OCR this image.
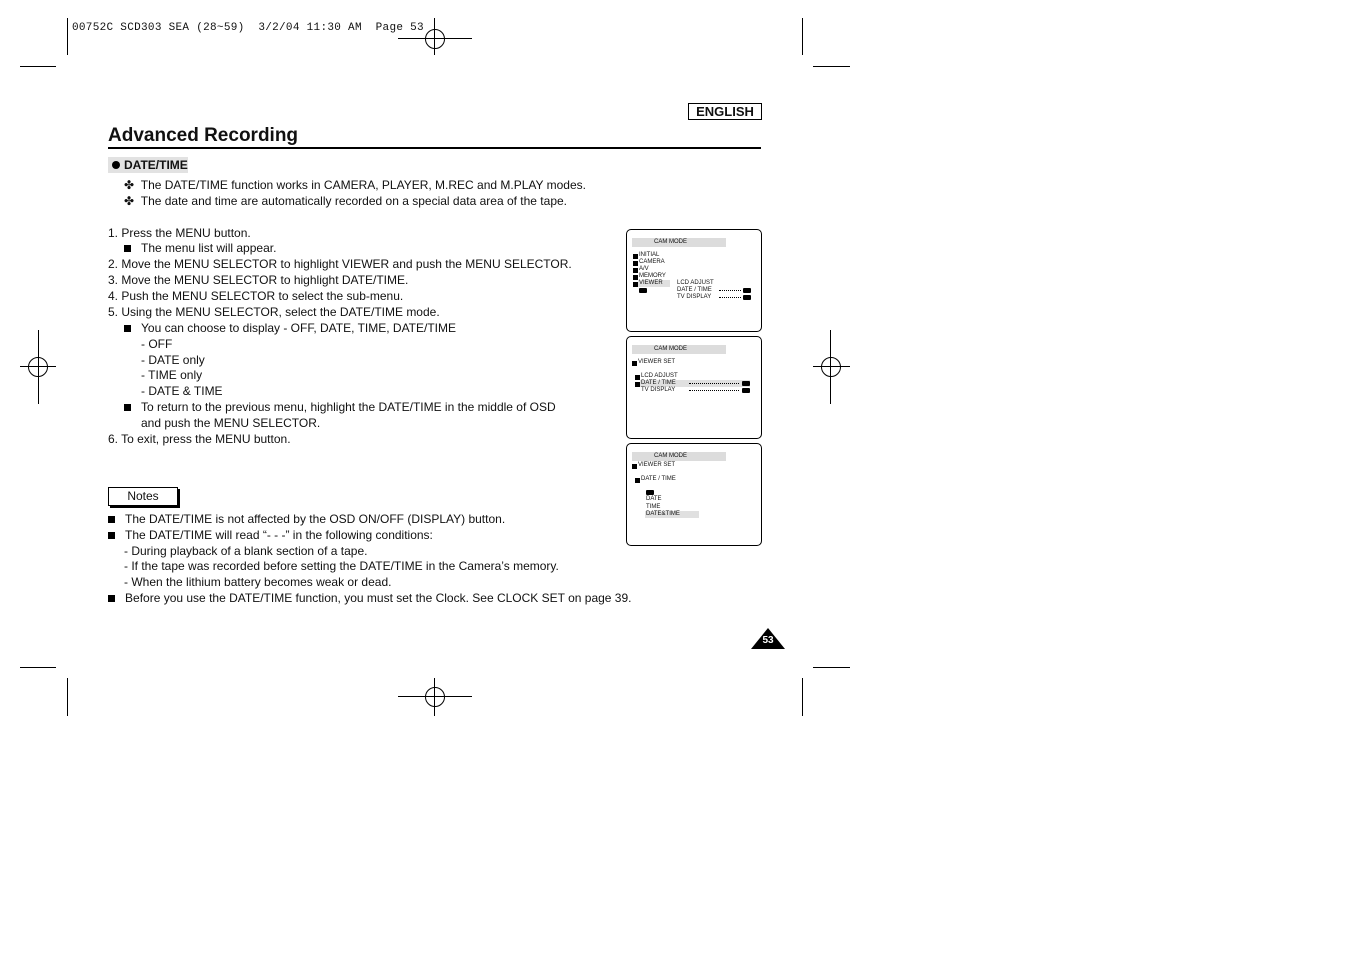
00752C SCD303 SEA (28~59)  3/2/04 11:30 AM  Page 53
ENGLISH
Advanced Recording
DATE/TIME
✤ The DATE/TIME function works in CAMERA, PLAYER, M.REC and M.PLAY modes.
✤ The date and time are automatically recorded on a special data area of the tape.
1. Press the MENU button.
The menu list will appear.
2. Move the MENU SELECTOR to highlight VIEWER and push the MENU SELECTOR.
3. Move the MENU SELECTOR to highlight DATE/TIME.
4. Push the MENU SELECTOR to select the sub-menu.
5. Using the MENU SELECTOR, select the DATE/TIME mode.
You can choose to display - OFF, DATE, TIME, DATE/TIME
- OFF
- DATE only
- TIME only
- DATE & TIME
To return to the previous menu, highlight the DATE/TIME in the middle of OSD
and push the MENU SELECTOR.
6. To exit, press the MENU button.
Notes
The DATE/TIME is not affected by the OSD ON/OFF (DISPLAY) button.
The DATE/TIME will read “- - -” in the following conditions:
- During playback of a blank section of a tape.
- If the tape was recorded before setting the DATE/TIME in the Camera’s memory.
- When the lithium battery becomes weak or dead.
Before you use the DATE/TIME function, you must set the Clock. See CLOCK SET on page 39.
CAM MODE
INITIAL
CAMERA
A/V
MEMORY
VIEWER LCD ADJUST
DATE / TIME
TV DISPLAY
CAM MODE
VIEWER SET
LCD ADJUST
DATE / TIME
TV DISPLAY
CAM MODE
VIEWER SET
DATE / TIME
DATE
TIME
DATE&TIME
53
